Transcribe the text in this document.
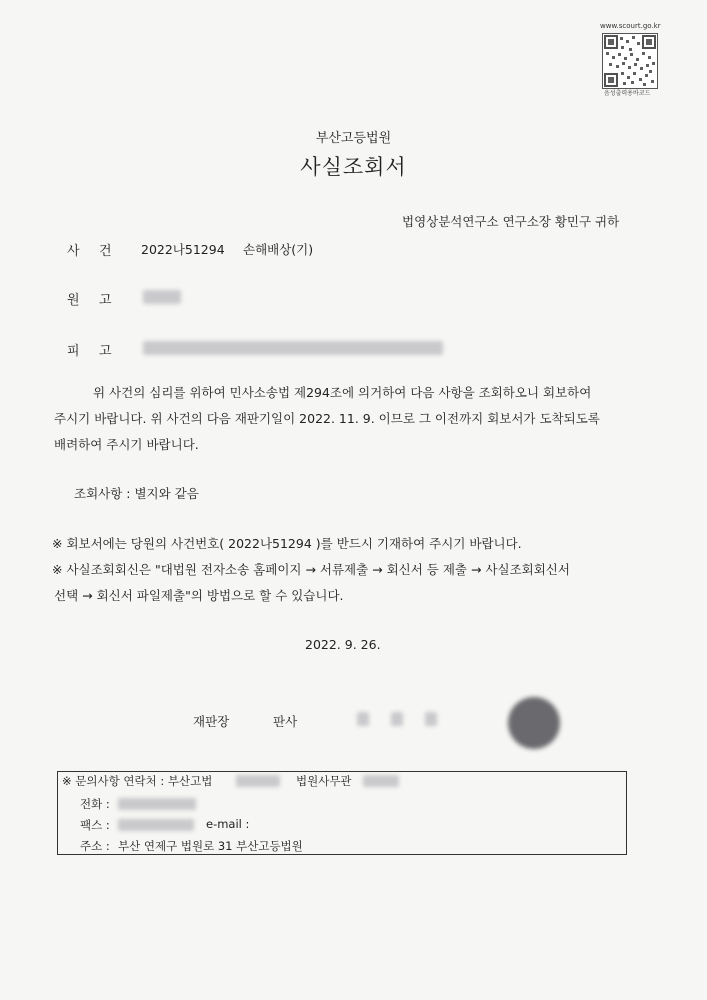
www.scourt.go.kr
음성출력용바코드
부산고등법원
사실조회서
법영상분석연구소 연구소장 황민구 귀하
사 건 2022나51294 손해배상(기)
원 고
피 고
위 사건의 심리를 위하여 민사소송법 제294조에 의거하여 다음 사항을 조회하오니 회보하여
주시기 바랍니다. 위 사건의 다음 재판기일이 2022. 11. 9. 이므로 그 이전까지 회보서가 도착되도록
배려하여 주시기 바랍니다.
조회사항 : 별지와 같음
※ 회보서에는 당원의 사건번호( 2022나51294 )를 반드시 기재하여 주시기 바랍니다.
※ 사실조회회신은 "대법원 전자소송 홈페이지 → 서류제출 → 회신서 등 제출 → 사실조회회신서
선택 → 회신서 파일제출"의 방법으로 할 수 있습니다.
2022. 9. 26.
재판장	판사
※ 문의사항 연락처 : 부산고법	법원사무관
전화 :
팩스 :	e-mail :
주소 : 부산 연제구 법원로 31 부산고등법원
